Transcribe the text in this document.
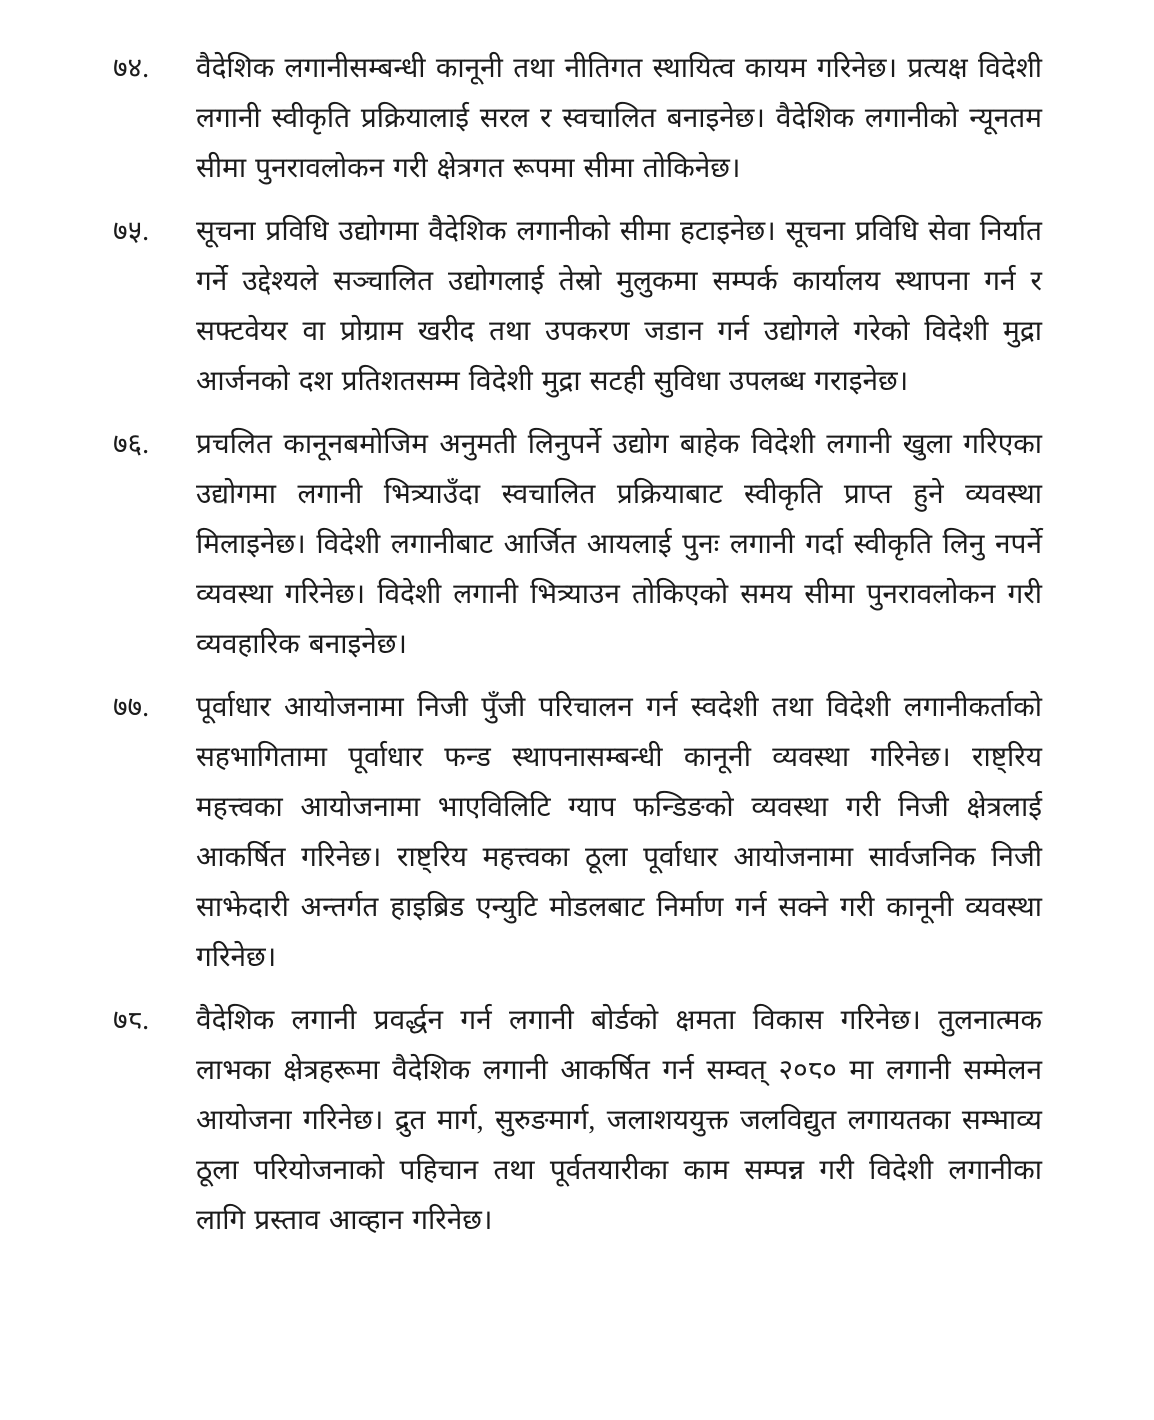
७४.	वैदेशिक लगानीसम्बन्धी कानूनी तथा नीतिगत स्थायित्व कायम गरिनेछ। प्रत्यक्ष विदेशी लगानी स्वीकृति प्रक्रियालाई सरल र स्वचालित बनाइनेछ। वैदेशिक लगानीको न्यूनतम सीमा पुनरावलोकन गरी क्षेत्रगत रूपमा सीमा तोकिनेछ।
७५.	सूचना प्रविधि उद्योगमा वैदेशिक लगानीको सीमा हटाइनेछ। सूचना प्रविधि सेवा निर्यात गर्ने उद्देश्यले सञ्चालित उद्योगलाई तेस्रो मुलुकमा सम्पर्क कार्यालय स्थापना गर्न र सफ्टवेयर वा प्रोग्राम खरीद तथा उपकरण जडान गर्न उद्योगले गरेको विदेशी मुद्रा आर्जनको दश प्रतिशतसम्म विदेशी मुद्रा सटही सुविधा उपलब्ध गराइनेछ।
७६.	प्रचलित कानूनबमोजिम अनुमती लिनुपर्ने उद्योग बाहेक विदेशी लगानी खुला गरिएका उद्योगमा लगानी भित्र्याउँदा स्वचालित प्रक्रियाबाट स्वीकृति प्राप्त हुने व्यवस्था मिलाइनेछ। विदेशी लगानीबाट आर्जित आयलाई पुनः लगानी गर्दा स्वीकृति लिनु नपर्ने व्यवस्था गरिनेछ। विदेशी लगानी भित्र्याउन तोकिएको समय सीमा पुनरावलोकन गरी व्यवहारिक बनाइनेछ।
७७.	पूर्वाधार आयोजनामा निजी पुँजी परिचालन गर्न स्वदेशी तथा विदेशी लगानीकर्ताको सहभागितामा पूर्वाधार फन्ड स्थापनासम्बन्धी कानूनी व्यवस्था गरिनेछ। राष्ट्रिय महत्त्वका आयोजनामा भाएविलिटि ग्याप फन्डिङको व्यवस्था गरी निजी क्षेत्रलाई आकर्षित गरिनेछ। राष्ट्रिय महत्त्वका ठूला पूर्वाधार आयोजनामा सार्वजनिक निजी साझेदारी अन्तर्गत हाइब्रिड एन्युटि मोडलबाट निर्माण गर्न सक्ने गरी कानूनी व्यवस्था गरिनेछ।
७८.	वैदेशिक लगानी प्रवर्द्धन गर्न लगानी बोर्डको क्षमता विकास गरिनेछ। तुलनात्मक लाभका क्षेत्रहरूमा वैदेशिक लगानी आकर्षित गर्न सम्वत् २०८० मा लगानी सम्मेलन आयोजना गरिनेछ। द्रुत मार्ग, सुरुङमार्ग, जलाशययुक्त जलविद्युत लगायतका सम्भाव्य ठूला परियोजनाको पहिचान तथा पूर्वतयारीका काम सम्पन्न गरी विदेशी लगानीका लागि प्रस्ताव आव्हान गरिनेछ।
